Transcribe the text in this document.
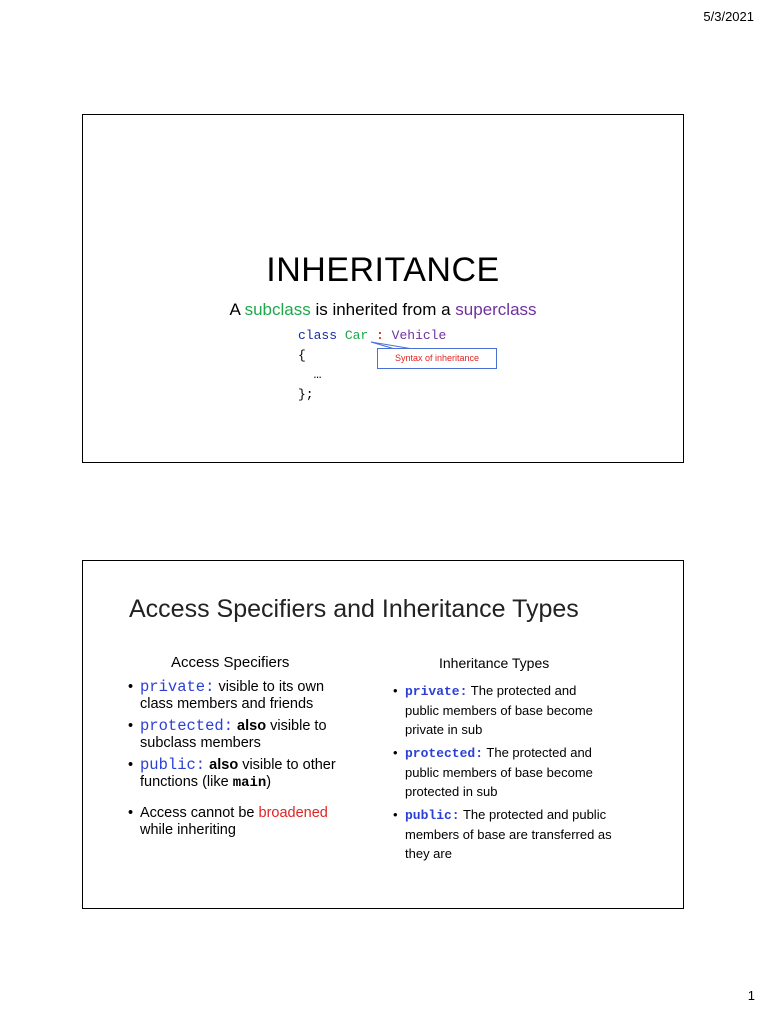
5/3/2021
INHERITANCE
A subclass is inherited from a superclass
class Car : Vehicle
{
…
};
Syntax of inheritance
Access Specifiers and Inheritance Types
Access Specifiers	Inheritance Types
• private: visible to its own class members and friends
• protected: also visible to subclass members
• public: also visible to other functions (like main)
• Access cannot be broadened while inheriting
• private: The protected and public members of base become private in sub
• protected: The protected and public members of base become protected in sub
• public: The protected and public members of base are transferred as they are
1
